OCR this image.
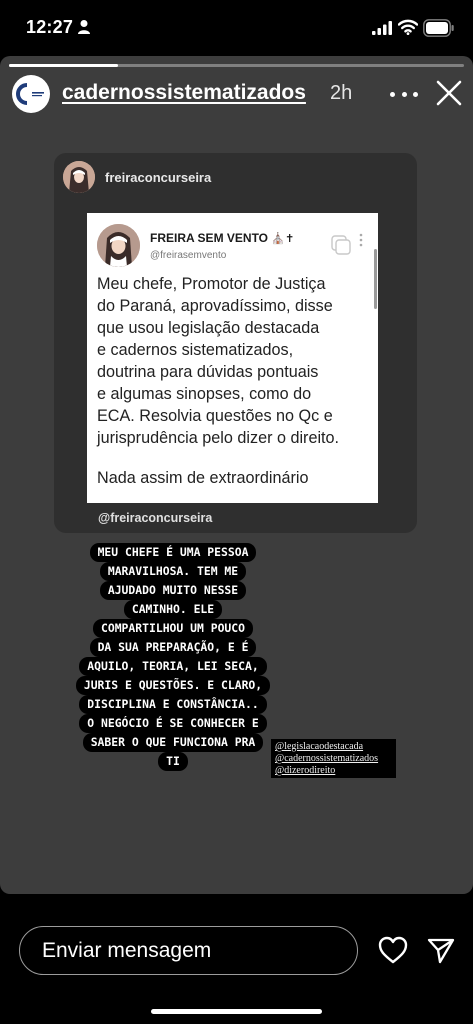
12:27
cadernossistematizados 2h
freiraconcurseira
FREIRA SEM VENTO ⛪✝
@freirasemvento

Meu chefe, Promotor de Justiça

do Paraná, aprovadíssimo, disse

que usou legislação destacada

e cadernos sistematizados,

doutrina para dúvidas pontuais

e algumas sinopses, como do

ECA. Resolvia questões no Qc e

jurisprudência pelo dizer o direito.

Nada assim de extraordinário

@freiraconcurseira
MEU CHEFE É UMA PESSOA
MARAVILHOSA. TEM ME
AJUDADO MUITO NESSE
CAMINHO. ELE
COMPARTILHOU UM POUCO
DA SUA PREPARAÇÃO, E É
AQUILO, TEORIA, LEI SECA,
JURIS E QUESTÕES. E CLARO,
DISCIPLINA E CONSTÂNCIA..
O NEGÓCIO É SE CONHECER E
SABER O QUE FUNCIONA PRA
TI
@legislacaodestacada
@cadernossistematizados
@dizerodireito
Enviar mensagem
